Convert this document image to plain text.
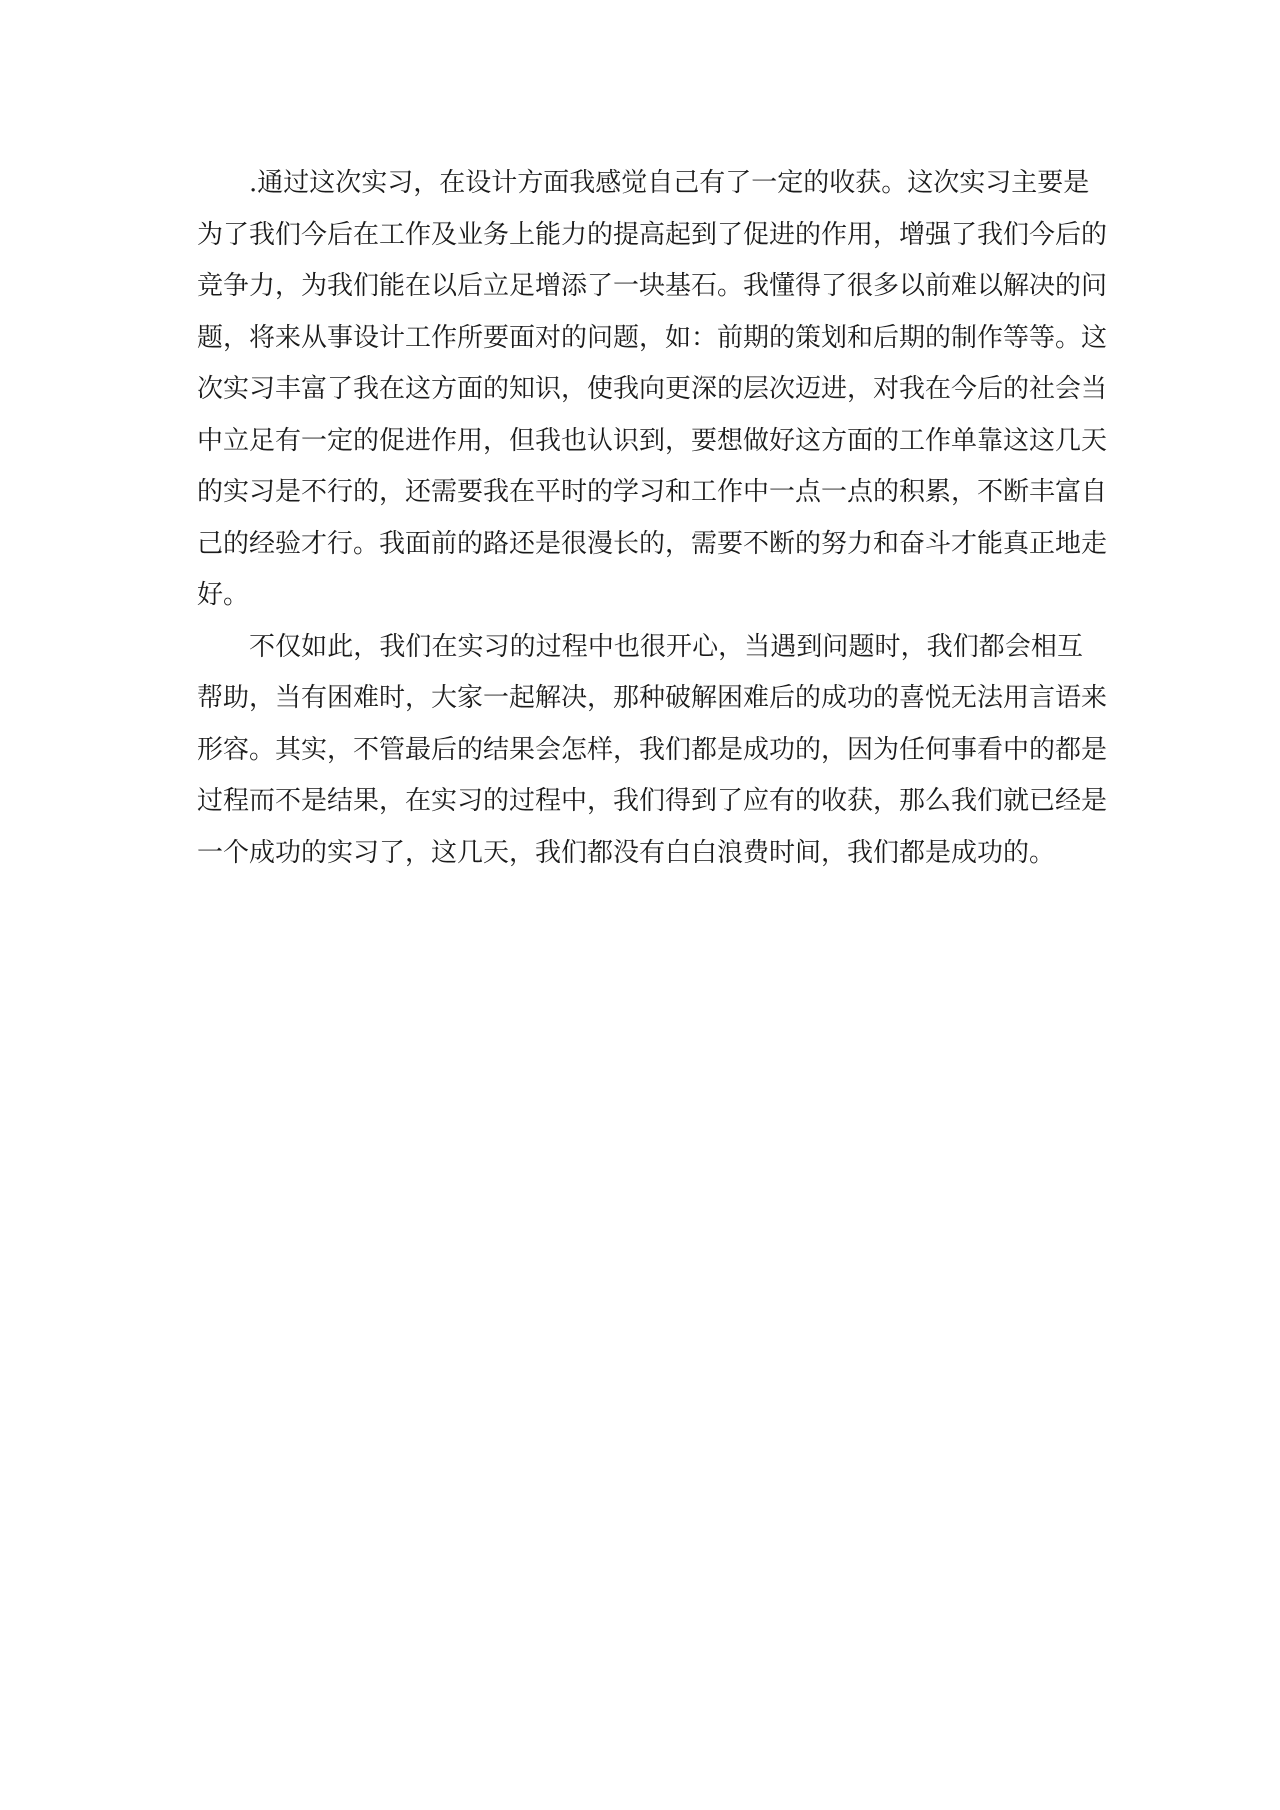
.通过这次实习，在设计方面我感觉自己有了一定的收获。这次实习主要是
为了我们今后在工作及业务上能力的提高起到了促进的作用，增强了我们今后的
竞争力，为我们能在以后立足增添了一块基石。我懂得了很多以前难以解决的问
题，将来从事设计工作所要面对的问题，如：前期的策划和后期的制作等等。这
次实习丰富了我在这方面的知识，使我向更深的层次迈进，对我在今后的社会当
中立足有一定的促进作用，但我也认识到，要想做好这方面的工作单靠这这几天
的实习是不行的，还需要我在平时的学习和工作中一点一点的积累，不断丰富自
己的经验才行。我面前的路还是很漫长的，需要不断的努力和奋斗才能真正地走
好。

不仅如此，我们在实习的过程中也很开心，当遇到问题时，我们都会相互
帮助，当有困难时，大家一起解决，那种破解困难后的成功的喜悦无法用言语来
形容。其实，不管最后的结果会怎样，我们都是成功的，因为任何事看中的都是
过程而不是结果，在实习的过程中，我们得到了应有的收获，那么我们就已经是
一个成功的实习了，这几天，我们都没有白白浪费时间，我们都是成功的。
